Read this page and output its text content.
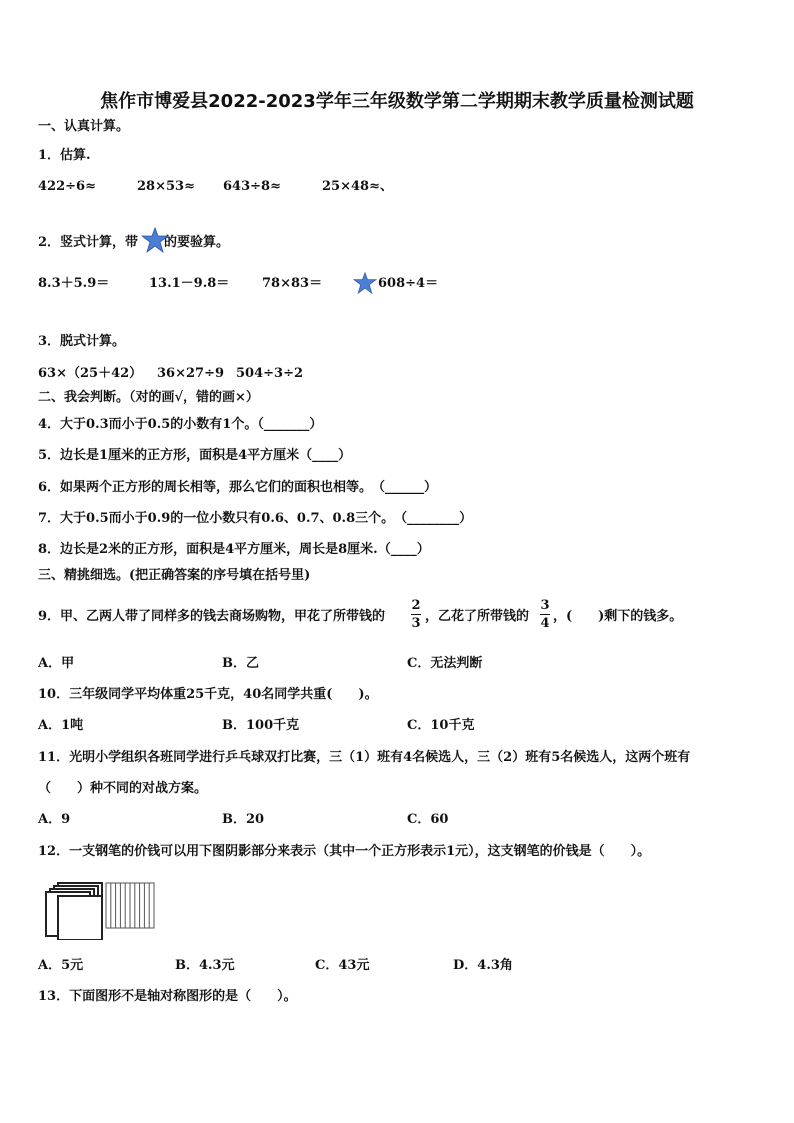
焦作市博爱县2022-2023学年三年级数学第二学期期末教学质量检测试题
一、认真计算。
1．估算.
422÷6≈	28×53≈ 643÷8≈	25×48≈、
2．竖式计算，带 的要验算。
8.3＋5.9＝	13.1－9.8＝	78×83＝	608÷4＝
3．脱式计算。
63×（25＋42） 36×27÷9 504÷3÷2
二、我会判断。（对的画√，错的画×）
4．大于0.3而小于0.5的小数有1个。（_______）
5．边长是1厘米的正方形，面积是4平方厘米（____）
6．如果两个正方形的周长相等，那么它们的面积也相等。　（______）
7．大于0.5而小于0.9的一位小数只有0.6、0.7、0.8三个。　（________）
8．边长是2米的正方形，面积是4平方厘米，周长是8厘米.（____）
三、精挑细选。(把正确答案的序号填在括号里)
9．甲、乙两人带了同样多的钱去商场购物，甲花了所带钱的
2
3 ，乙花了所带钱的
3
4 ，(　　)剩下的钱多。
A．甲	B．乙	C．无法判断
10．三年级同学平均体重25千克，40名同学共重(　　)。
A．1吨	B．100千克	C．10千克
11．光明小学组织各班同学进行乒乓球双打比赛，三（1）班有4名候选人，三（2）班有5名候选人，这两个班有
（　　）种不同的对战方案。
A．9	B．20	C．60
12．一支钢笔的价钱可以用下图阴影部分来表示（其中一个正方形表示1元），这支钢笔的价钱是（　　）。
A．5元	B．4.3元	C．43元	D．4.3角
13．下面图形不是轴对称图形的是（　　）。
